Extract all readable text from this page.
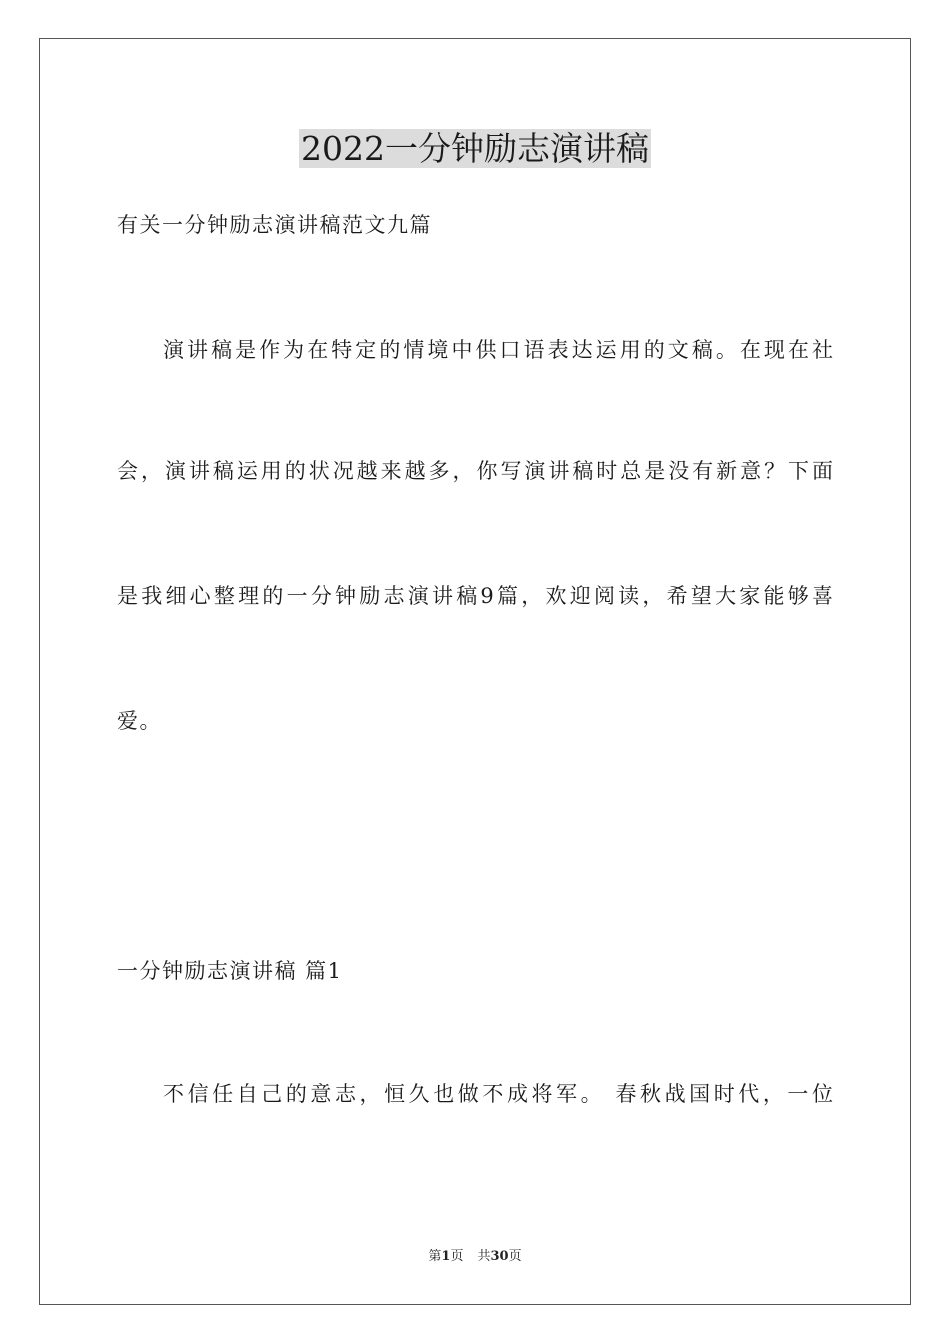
2022一分钟励志演讲稿
有关一分钟励志演讲稿范文九篇
演讲稿是作为在特定的情境中供口语表达运用的文稿。在现在社
会，演讲稿运用的状况越来越多，你写演讲稿时总是没有新意？下面
是我细心整理的一分钟励志演讲稿9篇，欢迎阅读，希望大家能够喜
爱。
一分钟励志演讲稿 篇1
不信任自己的意志，恒久也做不成将军。 春秋战国时代，一位
第1页 共30页
